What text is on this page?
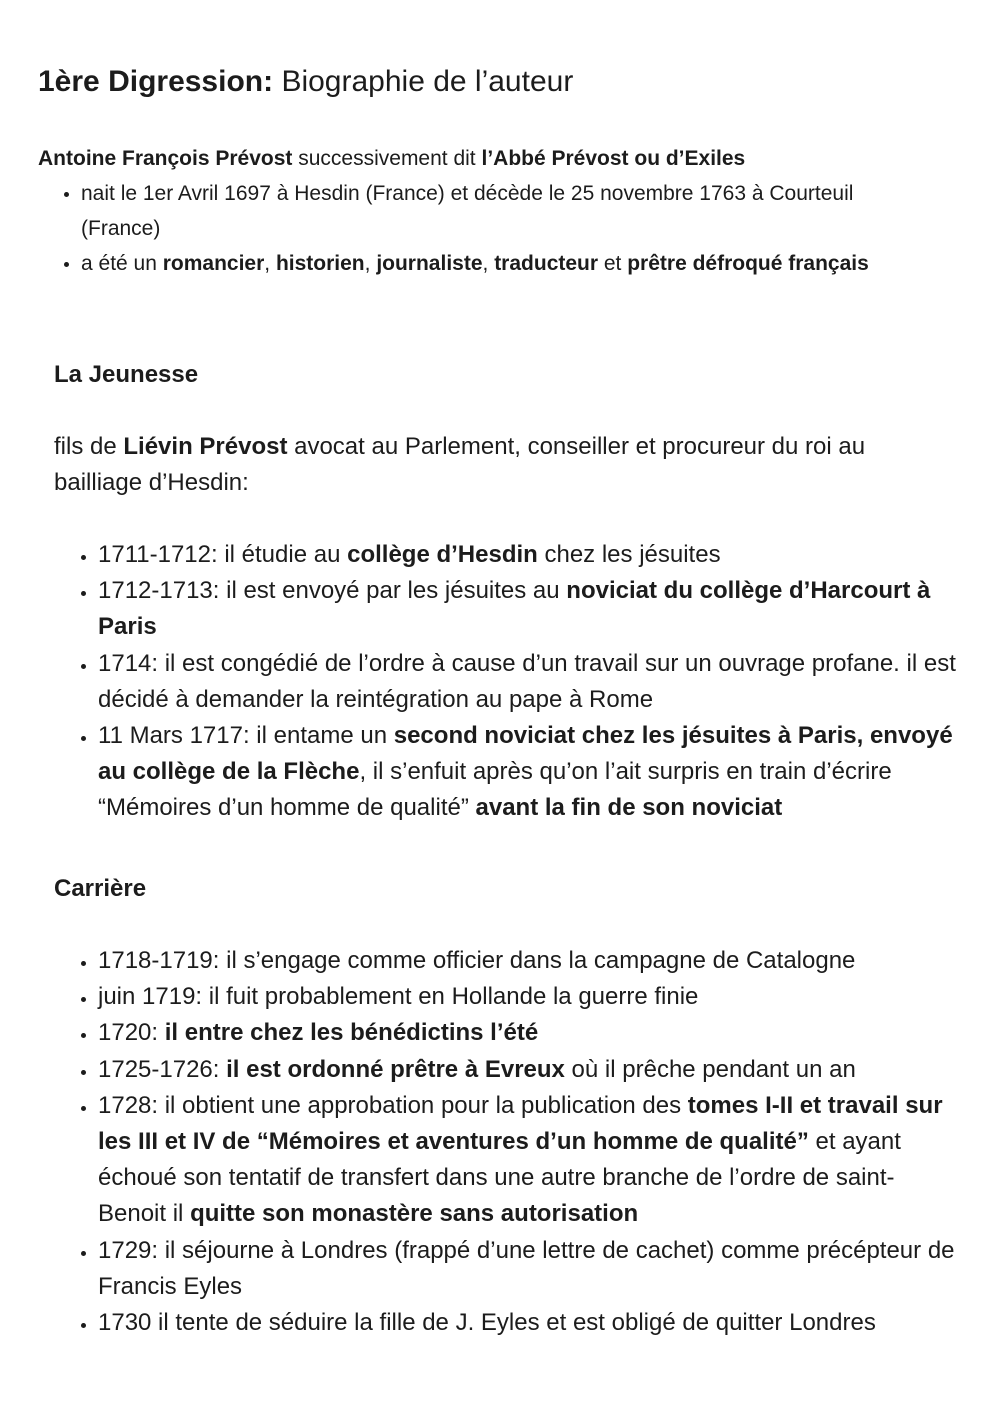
1ère Digression: Biographie de l’auteur
Antoine François Prévost successivement dit l’Abbé Prévost ou d’Exiles
• nait le 1er Avril 1697 à Hesdin (France) et décède le 25 novembre 1763 à Courteuil (France)
• a été un romancier, historien, journaliste, traducteur et prêtre défroqué français
La Jeunesse
fils de Liévin Prévost avocat au Parlement, conseiller et procureur du roi au bailliage d’Hesdin:
• 1711-1712: il étudie au collège d’Hesdin chez les jésuites
• 1712-1713: il est envoyé par les jésuites au noviciat du collège d’Harcourt à Paris
• 1714: il est congédié de l’ordre à cause d’un travail sur un ouvrage profane. il est décidé à demander la reintégration au pape à Rome
• 11 Mars 1717: il entame un second noviciat chez les jésuites à Paris, envoyé au collège de la Flèche, il s’enfuit après qu’on l’ait surpris en train d’écrire “Mémoires d’un homme de qualité” avant la fin de son noviciat
Carrière
• 1718-1719: il s’engage comme officier dans la campagne de Catalogne
• juin 1719: il fuit probablement en Hollande la guerre finie
• 1720: il entre chez les bénédictins l’été
• 1725-1726: il est ordonné prêtre à Evreux où il prêche pendant un an
• 1728: il obtient une approbation pour la publication des tomes I-II et travail sur les III et IV de “Mémoires et aventures d’un homme de qualité” et ayant échoué son tentatif de transfert dans une autre branche de l’ordre de saint-Benoit il quitte son monastère sans autorisation
• 1729: il séjourne à Londres (frappé d’une lettre de cachet) comme précépteur de Francis Eyles
• 1730 il tente de séduire la fille de J. Eyles et est obligé de quitter Londres
